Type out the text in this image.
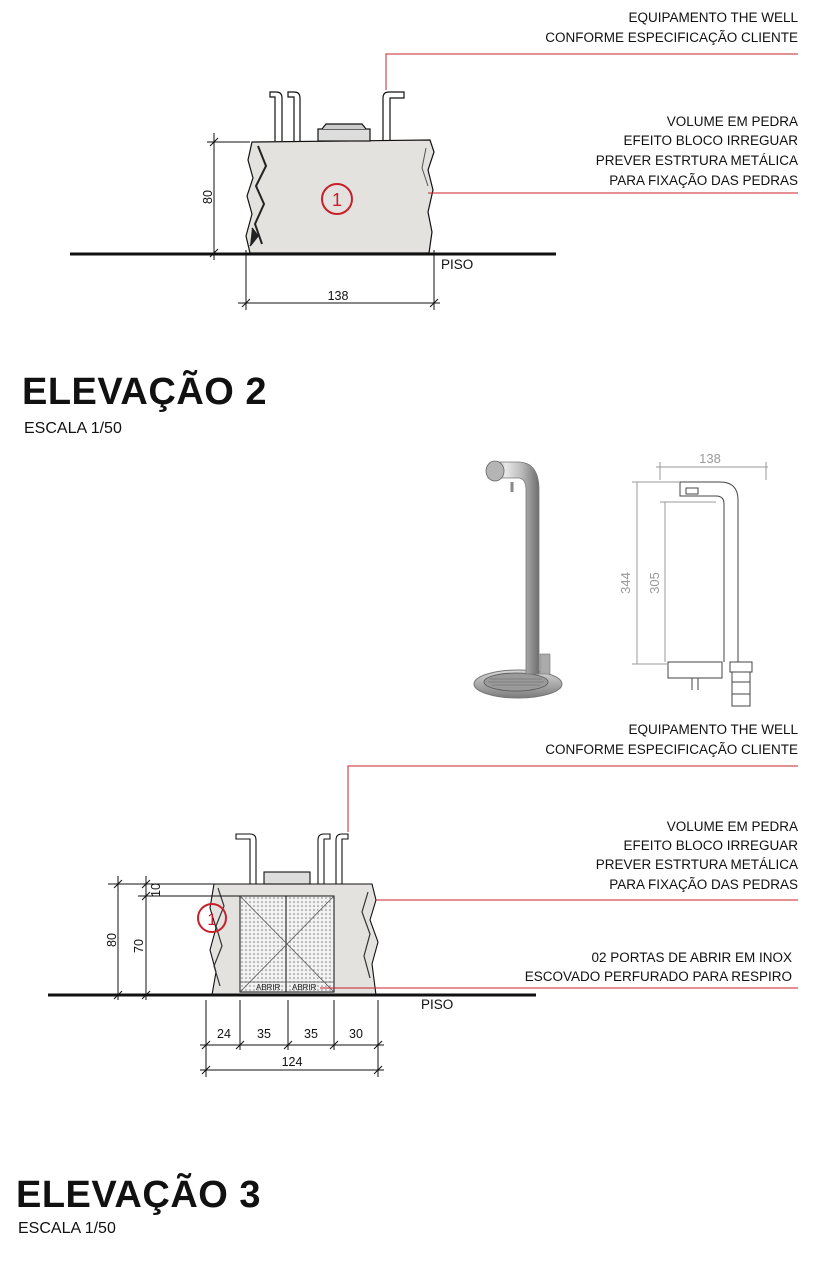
PISO
1
80
138
EQUIPAMENTO THE WELL
CONFORME ESPECIFICAÇÃO CLIENTE
VOLUME EM PEDRA
EFEITO BLOCO IRREGUAR
PREVER ESTRTURA METÁLICA
PARA FIXAÇÃO DAS PEDRAS
138
344 305
ABRIR ABRIR
PISO
1
80 70
10
24 35	35 30
124
EQUIPAMENTO THE WELL
CONFORME ESPECIFICAÇÃO CLIENTE
VOLUME EM PEDRA
EFEITO BLOCO IRREGUAR
PREVER ESTRTURA METÁLICA
PARA FIXAÇÃO DAS PEDRAS
02 PORTAS DE ABRIR EM INOX
ESCOVADO PERFURADO PARA RESPIRO
ELEVAÇÃO 2

ESCALA 1/50

ELEVAÇÃO 3

ESCALA 1/50
